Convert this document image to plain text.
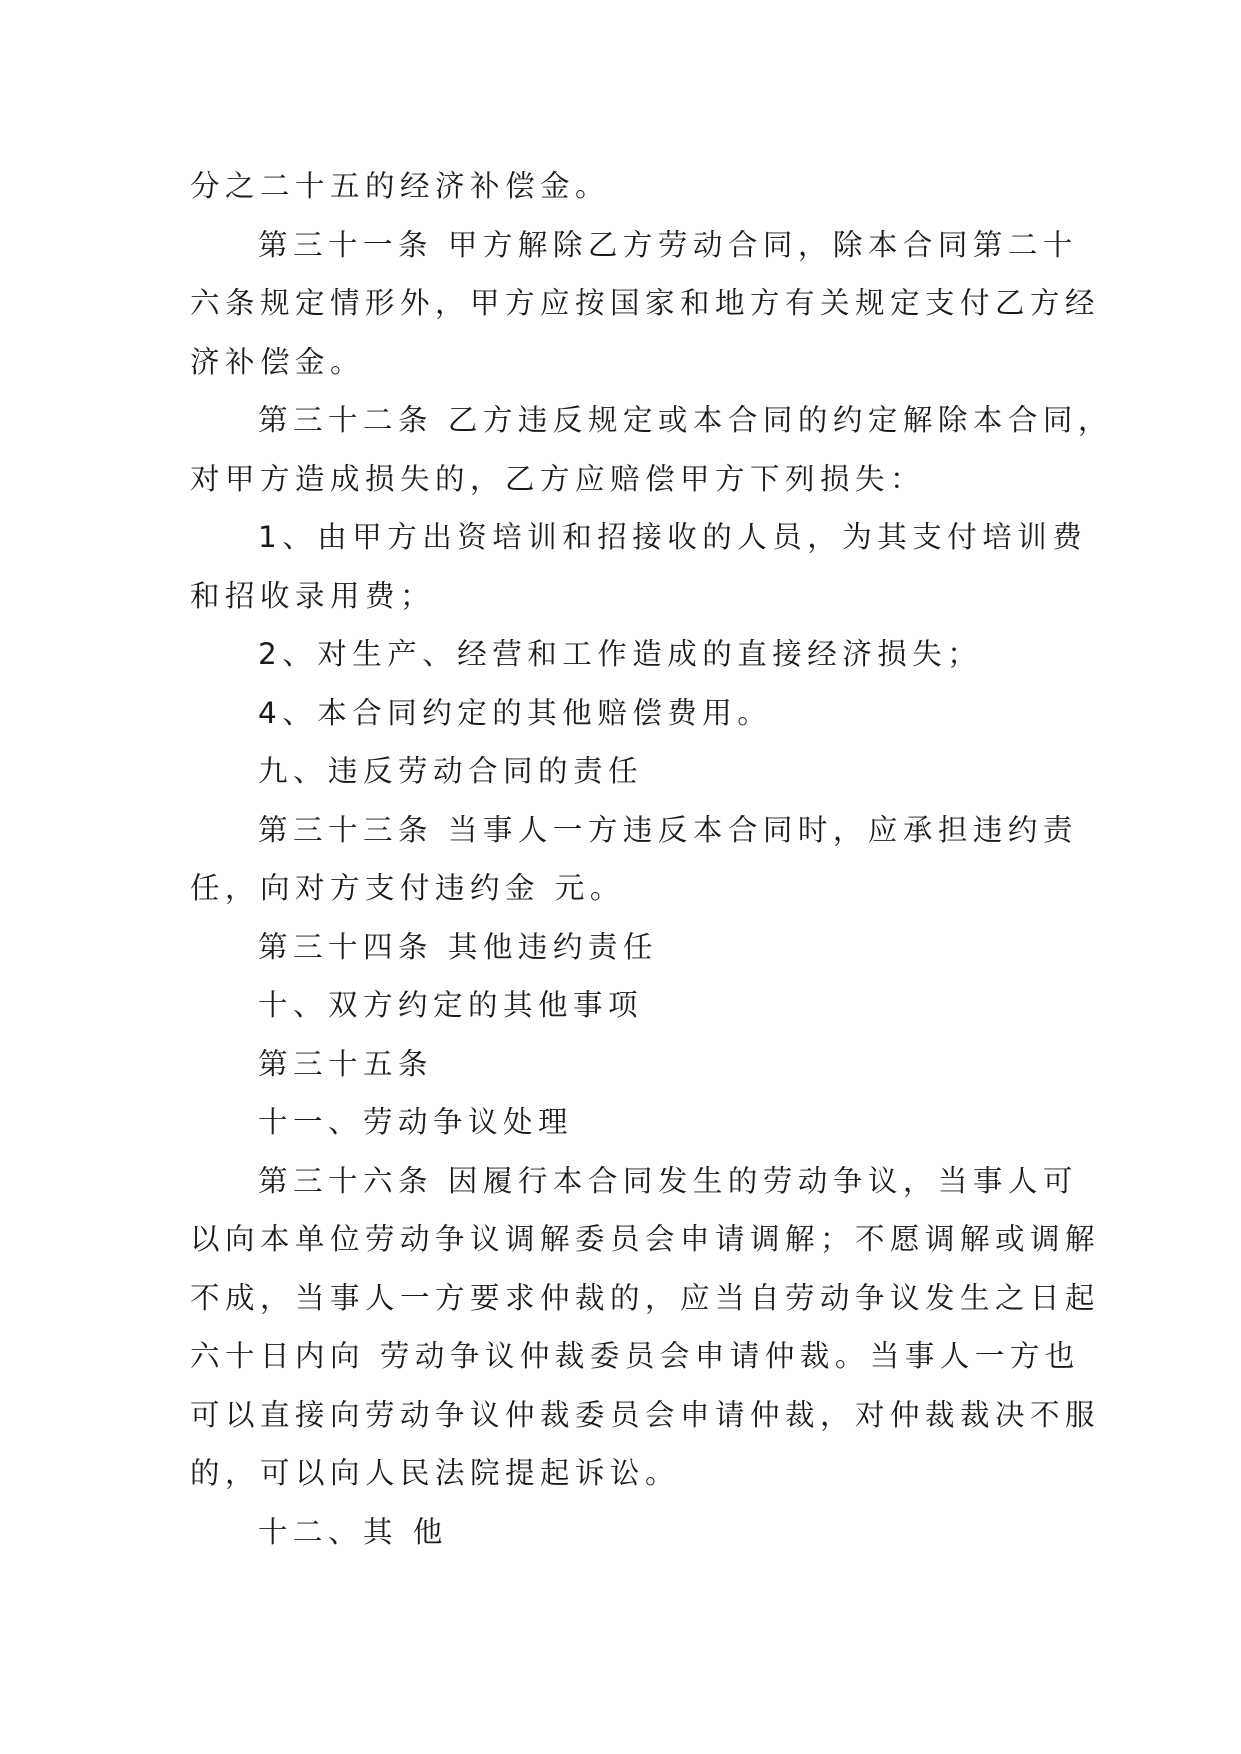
分之二十五的经济补偿金。
第三十一条 甲方解除乙方劳动合同，除本合同第二十
六条规定情形外，甲方应按国家和地方有关规定支付乙方经
济补偿金。
第三十二条 乙方违反规定或本合同的约定解除本合同，
对甲方造成损失的，乙方应赔偿甲方下列损失：
1、由甲方出资培训和招接收的人员，为其支付培训费
和招收录用费；
2、对生产、经营和工作造成的直接经济损失；
4、本合同约定的其他赔偿费用。
九、违反劳动合同的责任
第三十三条 当事人一方违反本合同时，应承担违约责
任，向对方支付违约金 元。
第三十四条 其他违约责任
十、双方约定的其他事项
第三十五条
十一、劳动争议处理
第三十六条 因履行本合同发生的劳动争议，当事人可
以向本单位劳动争议调解委员会申请调解；不愿调解或调解
不成，当事人一方要求仲裁的，应当自劳动争议发生之日起
六十日内向 劳动争议仲裁委员会申请仲裁。当事人一方也
可以直接向劳动争议仲裁委员会申请仲裁，对仲裁裁决不服
的，可以向人民法院提起诉讼。
十二、其 他
